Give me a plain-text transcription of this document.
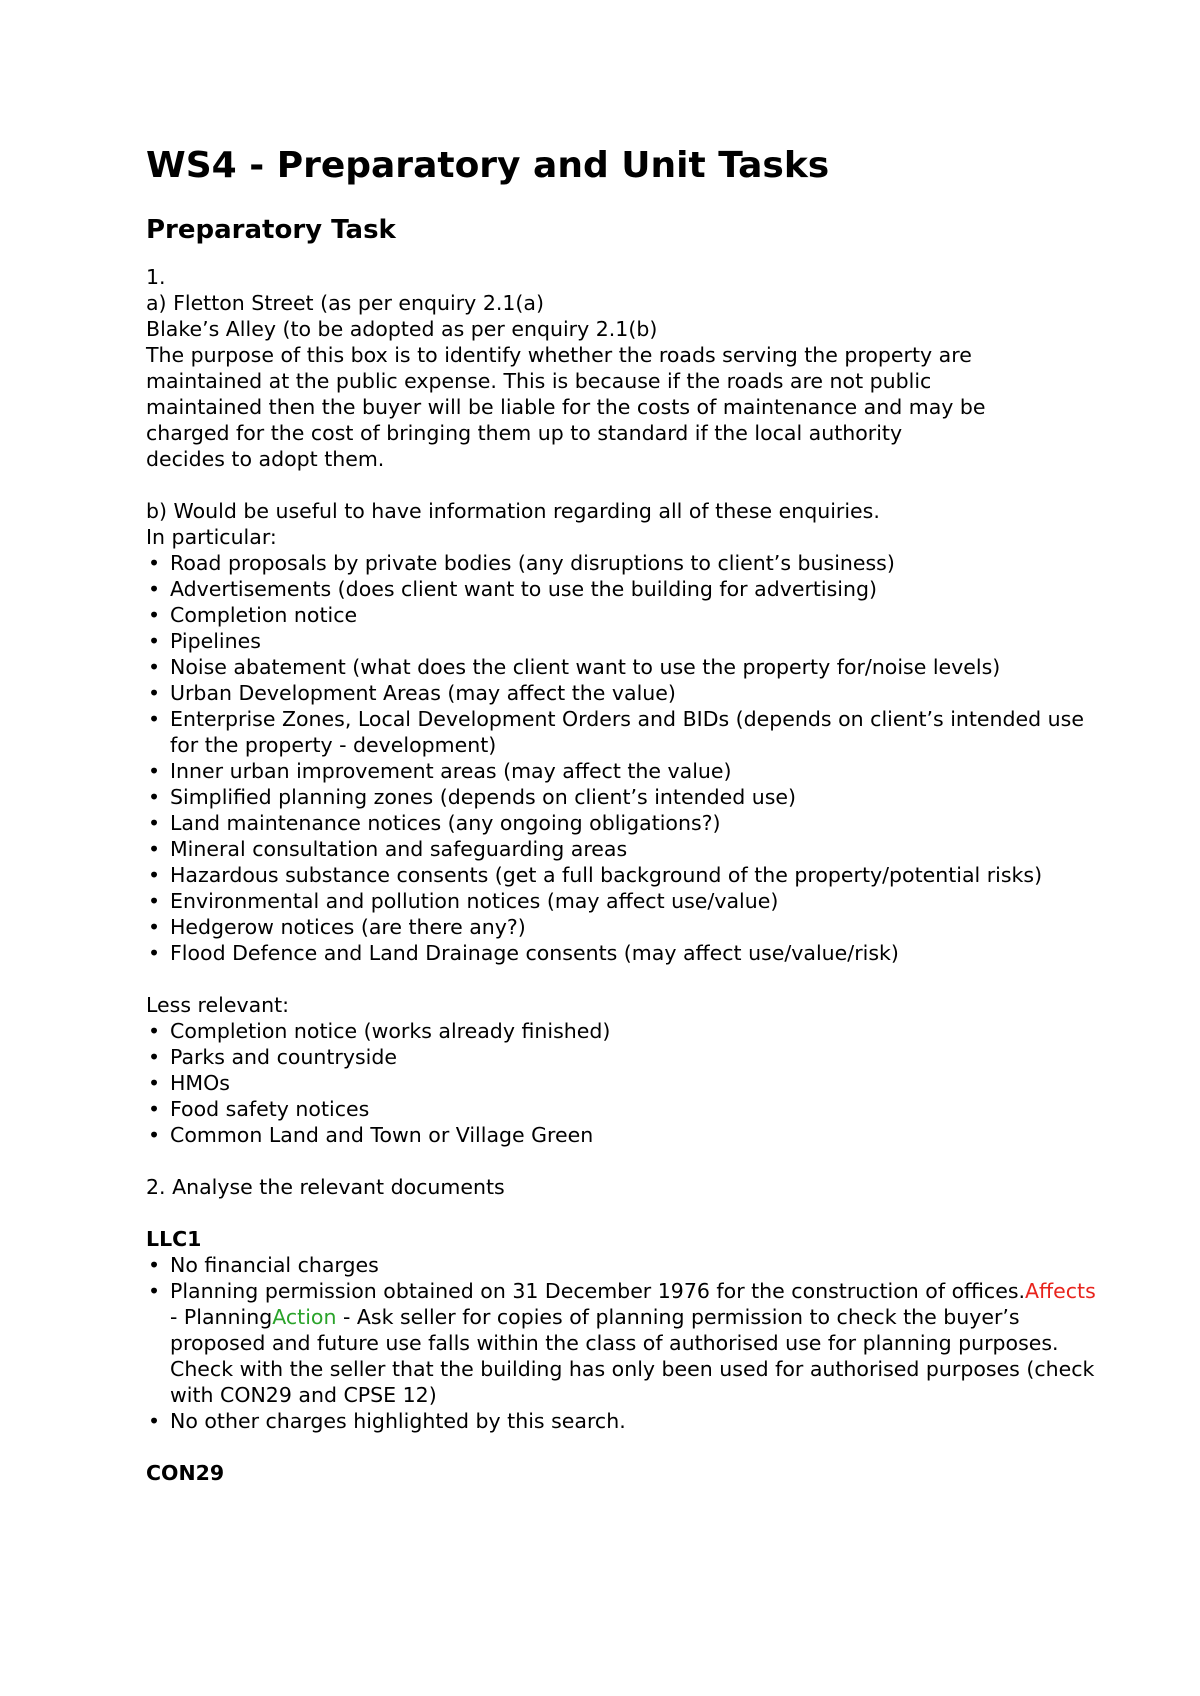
WS4 - Preparatory and Unit Tasks
Preparatory Task
1.
a) Fletton Street (as per enquiry 2.1(a)
Blake’s Alley (to be adopted as per enquiry 2.1(b)
The purpose of this box is to identify whether the roads serving the property are
maintained at the public expense. This is because if the roads are not public
maintained then the buyer will be liable for the costs of maintenance and may be
charged for the cost of bringing them up to standard if the local authority
decides to adopt them.
b) Would be useful to have information regarding all of these enquiries.
In particular:
• Road proposals by private bodies (any disruptions to client’s business)
• Advertisements (does client want to use the building for advertising)
• Completion notice
• Pipelines
• Noise abatement (what does the client want to use the property for/noise levels)
• Urban Development Areas (may affect the value)
• Enterprise Zones, Local Development Orders and BIDs (depends on client’s intended use for the property - development)
• Inner urban improvement areas (may affect the value)
• Simplified planning zones (depends on client’s intended use)
• Land maintenance notices (any ongoing obligations?)
• Mineral consultation and safeguarding areas
• Hazardous substance consents (get a full background of the property/potential risks)
• Environmental and pollution notices (may affect use/value)
• Hedgerow notices (are there any?)
• Flood Defence and Land Drainage consents (may affect use/value/risk)
Less relevant:
• Completion notice (works already finished)
• Parks and countryside
• HMOs
• Food safety notices
• Common Land and Town or Village Green
2. Analyse the relevant documents
LLC1
• No financial charges
• Planning permission obtained on 31 December 1976 for the construction of offices.Affects - PlanningAction - Ask seller for copies of planning permission to check the buyer’s proposed and future use falls within the class of authorised use for planning purposes. Check with the seller that the building has only been used for authorised purposes (check with CON29 and CPSE 12)
• No other charges highlighted by this search.
CON29
